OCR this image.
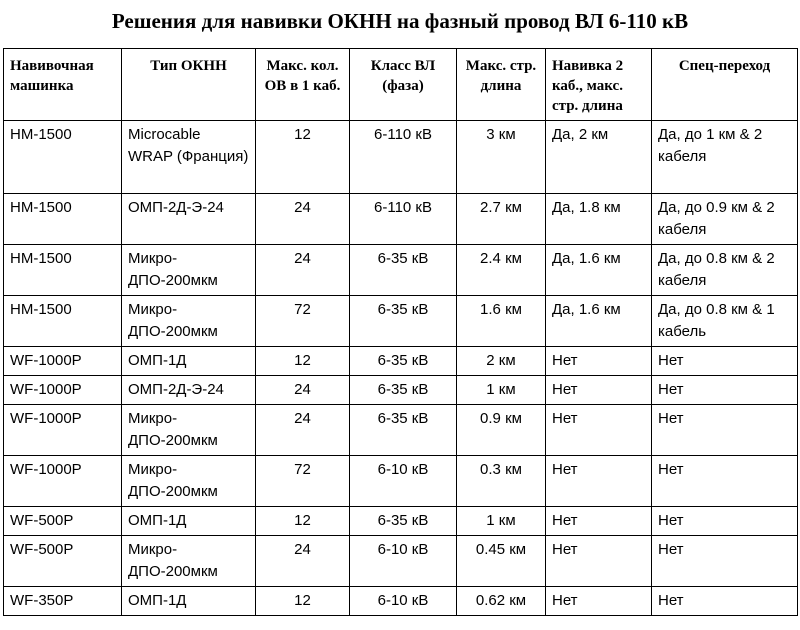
Решения для навивки ОКНН на фазный провод ВЛ 6-110 кВ
Навивочная машинка	Тип ОКНН	Макс. кол. ОВ в 1 каб.	Класс ВЛ (фаза)	Макс. стр. длина	Навивка 2 каб., макс. стр. длина	Спец-переход
НМ-1500	Microcable WRAP (Франция)	12	6-110 кВ	3 км	Да, 2 км	Да, до 1 км & 2 кабеля
НМ-1500	ОМП-2Д-Э-24	24	6-110 кВ	2.7 км	Да, 1.8 км	Да, до 0.9 км & 2 кабеля
НМ-1500	Микро-ДПО-200мкм	24	6-35 кВ	2.4 км	Да, 1.6 км	Да, до 0.8 км & 2 кабеля
НМ-1500	Микро-ДПО-200мкм	72	6-35 кВ	1.6 км	Да, 1.6 км	Да, до 0.8 км & 1 кабель
WF-1000P	ОМП-1Д	12	6-35 кВ	2 км	Нет	Нет
WF-1000P	ОМП-2Д-Э-24	24	6-35 кВ	1 км	Нет	Нет
WF-1000P	Микро-ДПО-200мкм	24	6-35 кВ	0.9 км	Нет	Нет
WF-1000P	Микро-ДПО-200мкм	72	6-10 кВ	0.3 км	Нет	Нет
WF-500P	ОМП-1Д	12	6-35 кВ	1 км	Нет	Нет
WF-500P	Микро-ДПО-200мкм	24	6-10 кВ	0.45 км	Нет	Нет
WF-350P	ОМП-1Д	12	6-10 кВ	0.62 км	Нет	Нет
